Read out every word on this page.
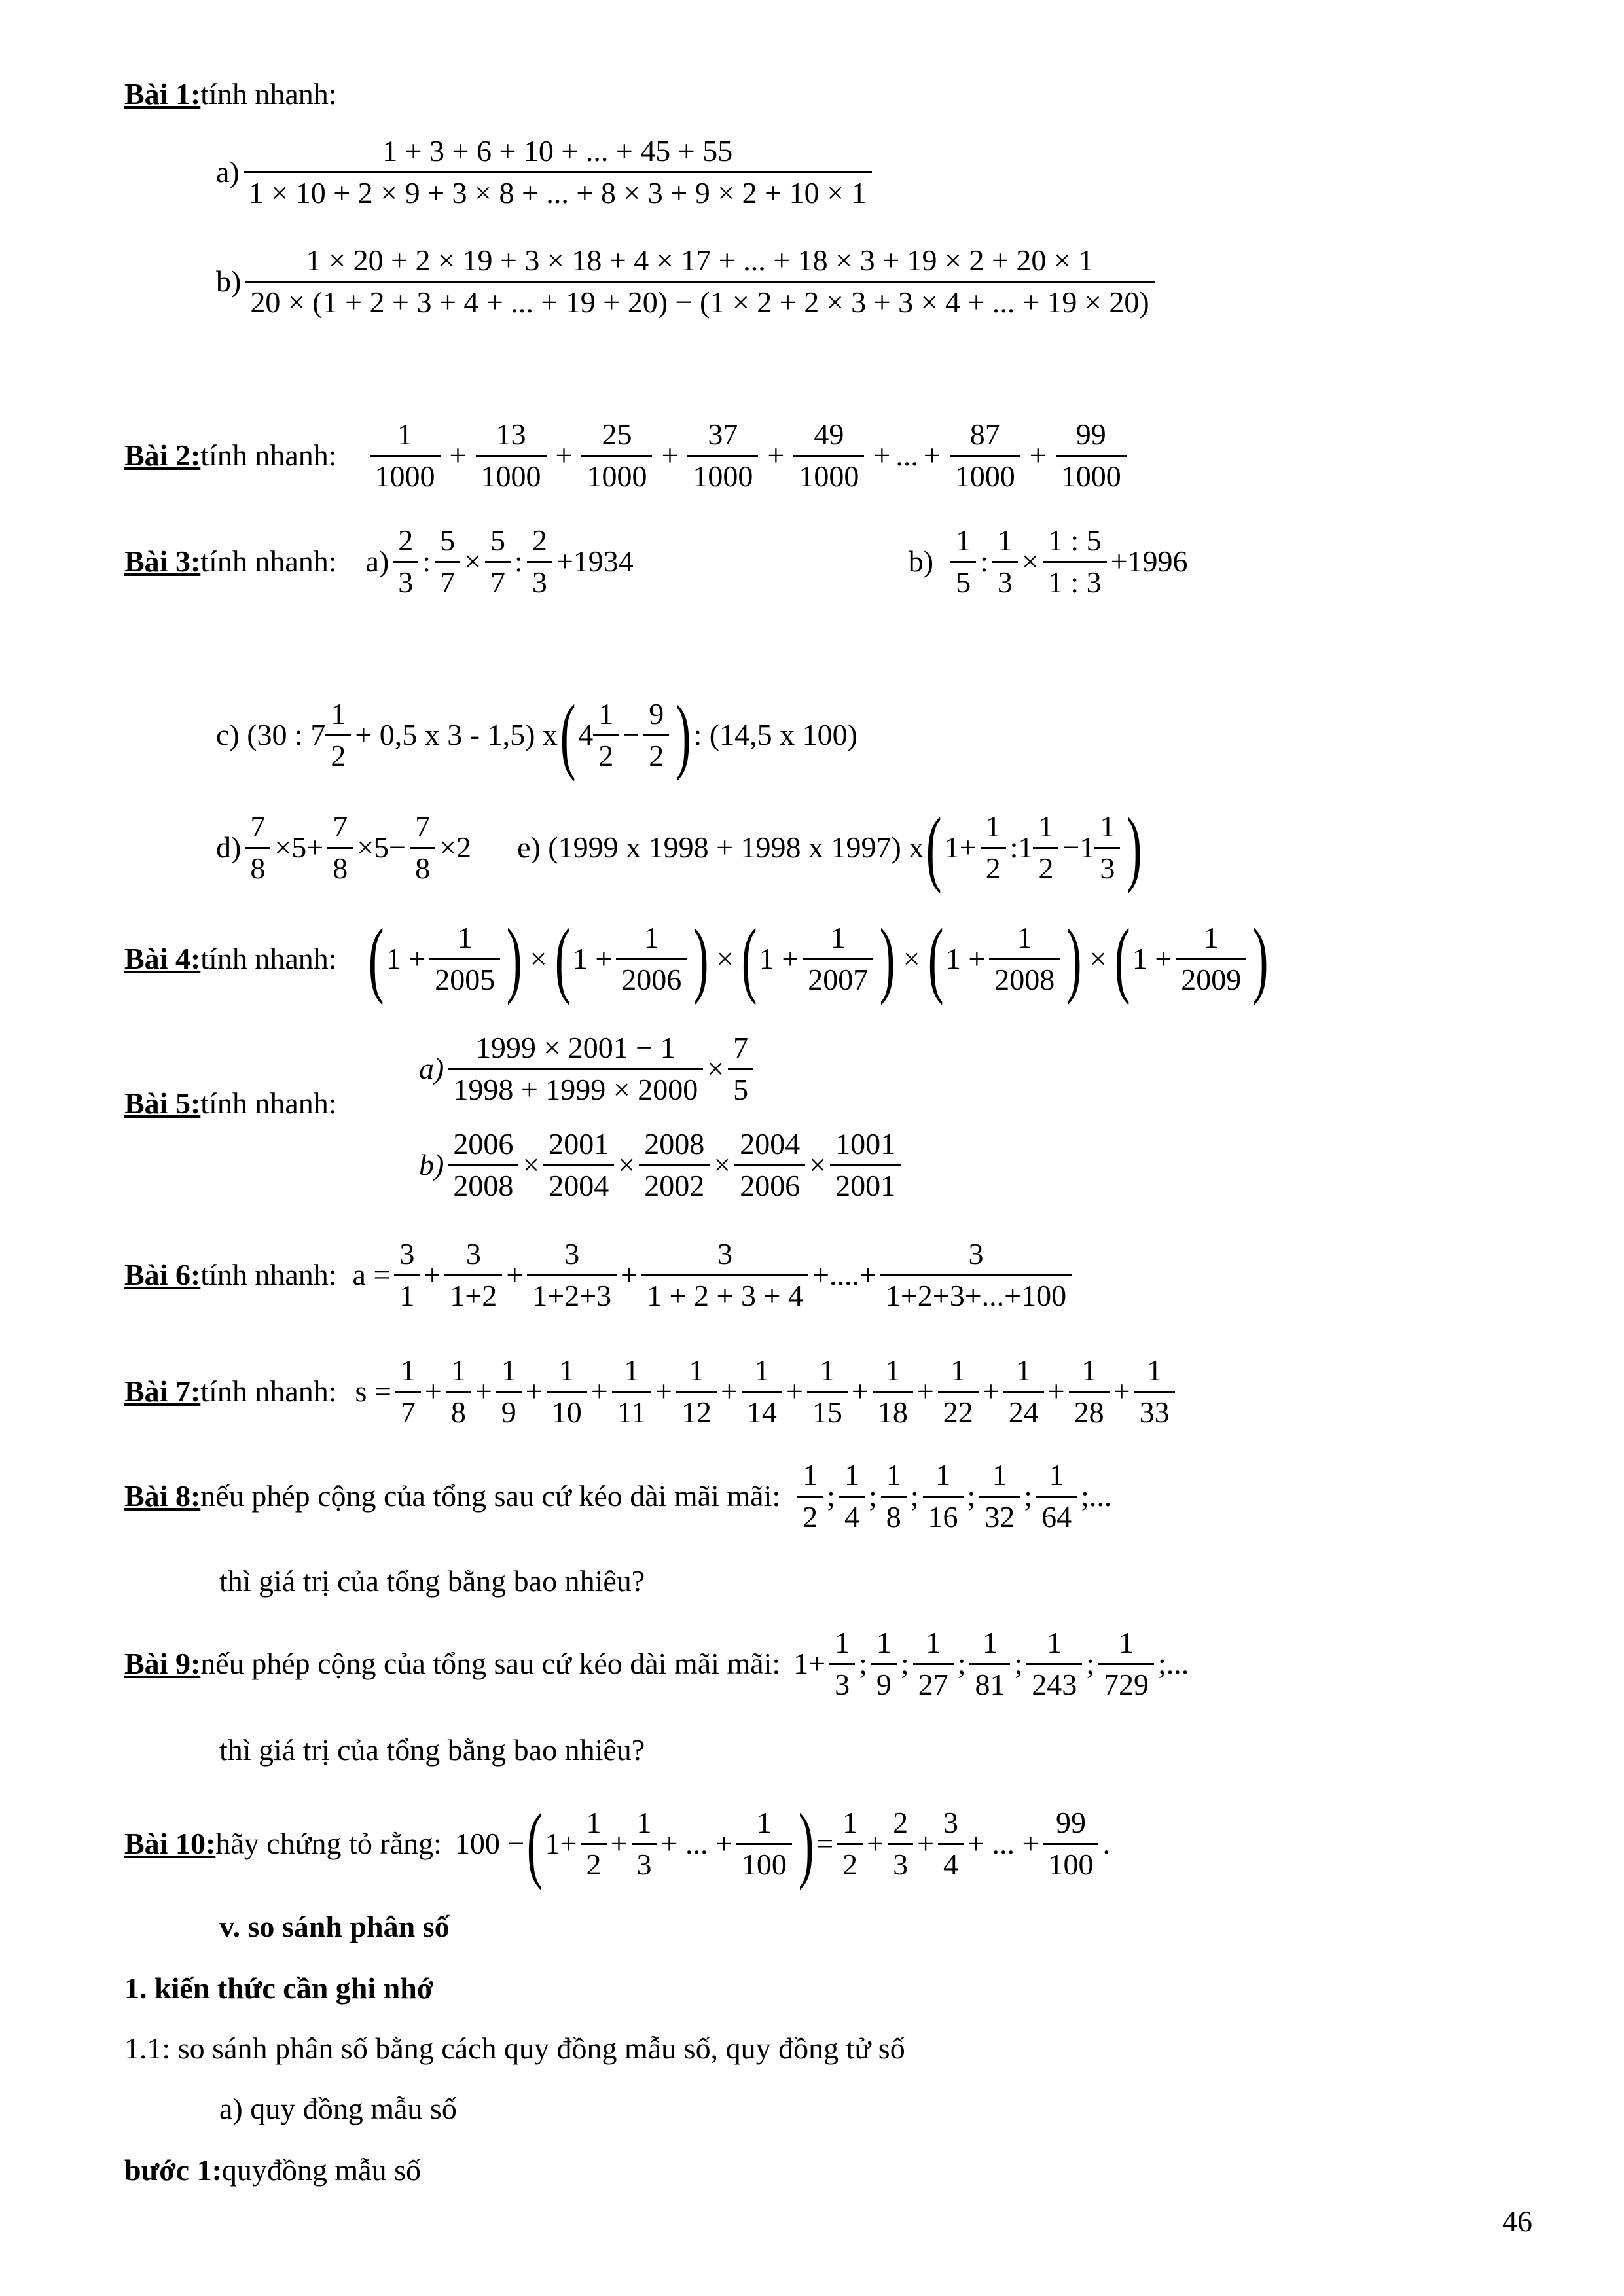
Bài 1: tính nhanh:
$a) \frac{1 + 3 + 6 + 10 + ... + 45 + 55}{1 \times 10 + 2 \times 9 + 3 \times 8 + ... + 8 \times 3 + 9 \times 2 + 10 \times 1}$
b)
1 × 20 + 2 × 19 + 3 × 18 + 4 × 17 + ... + 18 × 3 + 19 × 2 + 20 × 1
20 × (1 + 2 + 3 + 4 + ... + 19 + 20) − (1 × 2 + 2 × 3 + 3 × 4 + ... + 19 × 20)
Bài 2: tính nhanh: $\frac{1}{1000} + \frac{13}{1000} + \frac{25}{1000} + \frac{37}{1000} + \frac{49}{1000}$ + ... + $\frac{87}{1000} + \frac{99}{1000}$
Bài 3: tính nhanh: $a) \frac{2}{3}$ : $\frac{5}{7} \times \frac{5}{7}$ : $\frac{2}{3} +1934$	$b) \frac{1}{5}$ : $\frac{1}{3} \times \frac{1 : 5}{1 : 3} +1996$
c) (30 : $7 \frac{1}{2} + 0,5$ x 3 - 1,5) x ( $4 \frac{1}{2} - \frac{9}{2}$ ) : (14,5 x 100)
$d) \frac{7}{8} \times 5+ \frac{7}{8} \times 5- \frac{7}{8} \times 2$ e) (1999 x 1998 + 1998 x 1997) x ( $1+ \frac{1}{2}$ :1 $\frac{1}{2} -1 \frac{1}{3}$ )
Bài 4: tính nhanh: ( $1 + \frac{1}{2005}$ ) × ( $1 + \frac{1}{2006}$ ) × ( $1 + \frac{1}{2007}$ ) × ( $1 + \frac{1}{2008}$ ) × ( $1 + \frac{1}{2009}$ )
Bài 5: tính nhanh:
$a) \frac{1999 \times 2001 - 1}{1998 + 1999 \times 2000} \times \frac{7}{5}$
$b) \frac{2006}{2008} \times \frac{2001}{2004} \times \frac{2008}{2002} \times \frac{2004}{2006} \times \frac{1001}{2001}$
Bài 6: tính nhanh: $a = \frac{3}{1} + \frac{3}{1+2} + \frac{3}{1+2+3} + \frac{3}{1 + 2 + 3 + 4}$ + .... + $\frac{3}{1+2+3+...+100}$
Bài 7: tính nhanh: $s = \frac{1}{7} + \frac{1}{8} + \frac{1}{9} + \frac{1}{10} + \frac{1}{11} + \frac{1}{12} + \frac{1}{14} + \frac{1}{15} + \frac{1}{18} + \frac{1}{22} + \frac{1}{24} + \frac{1}{28} + \frac{1}{33}$
Bài 8: nếu phép cộng của tổng sau cứ kéo dài mãi mãi: $\frac{1}{2}$ ; $\frac{1}{4}$ ; $\frac{1}{8}$ ; $\frac{1}{16}$ ; $\frac{1}{32}$ ; $\frac{1}{64}$ ;...
thì giá trị của tổng bằng bao nhiêu?
Bài 9: nếu phép cộng của tổng sau cứ kéo dài mãi mãi: $1+ \frac{1}{3}$ ; $\frac{1}{9}$ ; $\frac{1}{27}$ ; $\frac{1}{81}$ ; $\frac{1}{243}$ ; $\frac{1}{729}$ ;...
thì giá trị của tổng bằng bao nhiêu?
Bài 10: hãy chứng tỏ rằng: 100 − ( $1+ \frac{1}{2} + \frac{1}{3}$ + ... + $\frac{1}{100}$ ) = $\frac{1}{2} + \frac{2}{3} + \frac{3}{4}$ + ... + $\frac{99}{100}$ .
v. so sánh phân số
1. kiến thức cần ghi nhớ
1.1: so sánh phân số bằng cách quy đồng mẫu số, quy đồng tử số
a) quy đồng mẫu số
bước 1: quyđồng mẫu số
46
